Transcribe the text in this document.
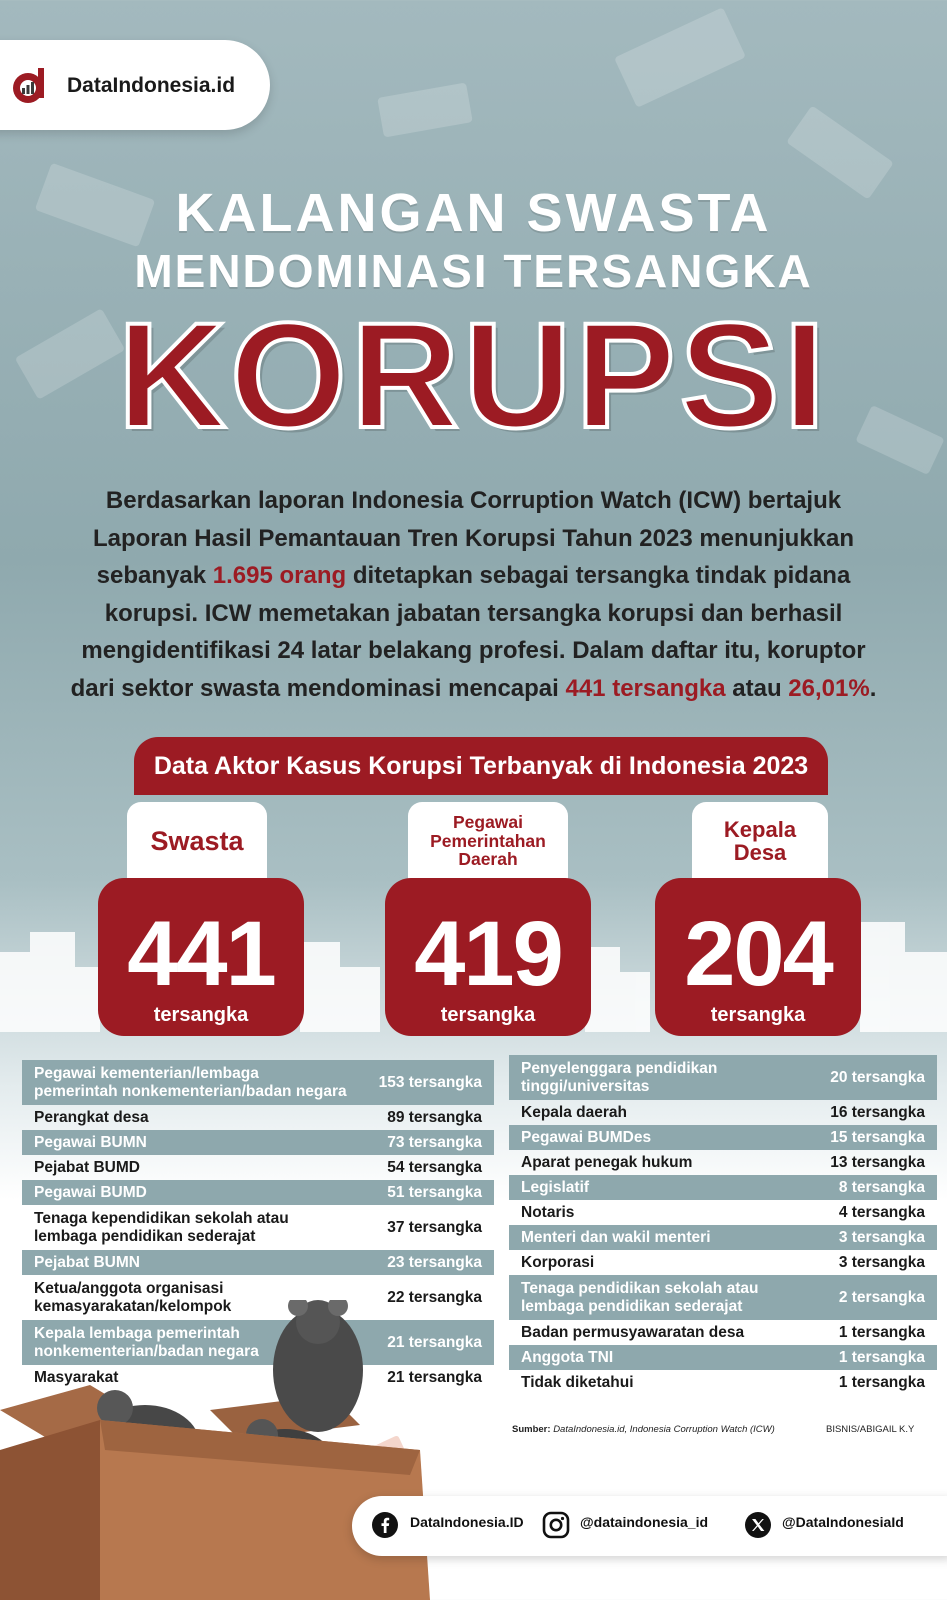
DataIndonesia.id
KALANGAN SWASTA
MENDOMINASI TERSANGKA
KORUPSI
Berdasarkan laporan Indonesia Corruption Watch (ICW) bertajuk Laporan Hasil Pemantauan Tren Korupsi Tahun 2023 menunjukkan sebanyak 1.695 orang ditetapkan sebagai tersangka tindak pidana korupsi. ICW memetakan jabatan tersangka korupsi dan berhasil mengidentifikasi 24 latar belakang profesi. Dalam daftar itu, koruptor dari sektor swasta mendominasi mencapai 441 tersangka atau 26,01%.
Data Aktor Kasus Korupsi Terbanyak di Indonesia 2023
Swasta
Pegawai
Pemerintahan
Daerah
Kepala
Desa
441
tersangka
419
tersangka
204
tersangka
Pegawai kementerian/lembaga
pemerintah nonkementerian/badan negara	153 tersangka

Perangkat desa	89 tersangka

Pegawai BUMN	73 tersangka

Pejabat BUMD	54 tersangka

Pegawai BUMD	51 tersangka

Tenaga kependidikan sekolah atau
lembaga pendidikan sederajat	37 tersangka

Pejabat BUMN	23 tersangka

Ketua/anggota organisasi
kemasyarakatan/kelompok	22 tersangka

Kepala lembaga pemerintah
nonkementerian/badan negara	21 tersangka

Masyarakat	21 tersangka
Penyelenggara pendidikan
tinggi/universitas	20 tersangka

Kepala daerah	16 tersangka

Pegawai BUMDes	15 tersangka

Aparat penegak hukum	13 tersangka

Legislatif	8 tersangka

Notaris	4 tersangka

Menteri dan wakil menteri	3 tersangka

Korporasi	3 tersangka

Tenaga pendidikan sekolah atau
lembaga pendidikan sederajat	2 tersangka

Badan permusyawaratan desa	1 tersangka

Anggota TNI	1 tersangka

Tidak diketahui	1 tersangka
Sumber: DataIndonesia.id, Indonesia Corruption Watch (ICW)	BISNIS/ABIGAIL K.Y
DataIndonesia.ID	@dataindonesia_id	@DataIndonesiaId
